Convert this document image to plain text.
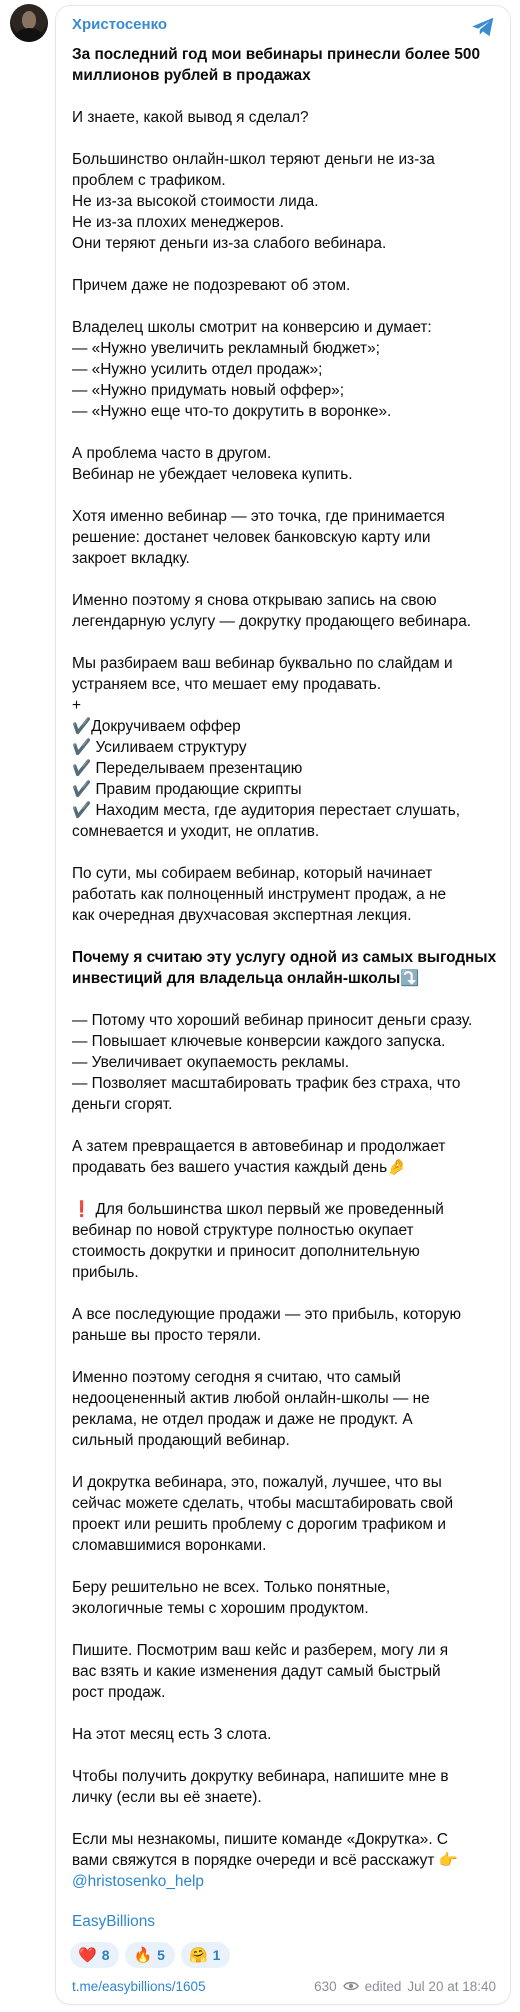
Христосенко

За последний год мои вебинары принесли более 500
миллионов рублей в продажах

И знаете, какой вывод я сделал?

Большинство онлайн-школ теряют деньги не из-за
проблем с трафиком.
Не из-за высокой стоимости лида.
Не из-за плохих менеджеров.
Они теряют деньги из-за слабого вебинара.

Причем даже не подозревают об этом.

Владелец школы смотрит на конверсию и думает:
— «Нужно увеличить рекламный бюджет»;
— «Нужно усилить отдел продаж»;
— «Нужно придумать новый оффер»;
— «Нужно еще что-то докрутить в воронке».

А проблема часто в другом.
Вебинар не убеждает человека купить.

Хотя именно вебинар — это точка, где принимается
решение: достанет человек банковскую карту или
закроет вкладку.

Именно поэтому я снова открываю запись на свою
легендарную услугу — докрутку продающего вебинара.

Мы разбираем ваш вебинар буквально по слайдам и
устраняем все, что мешает ему продавать.
+
✔️Докручиваем оффер
✔️ Усиливаем структуру
✔️ Переделываем презентацию
✔️ Правим продающие скрипты
✔️ Находим места, где аудитория перестает слушать,
сомневается и уходит, не оплатив.

По сути, мы собираем вебинар, который начинает
работать как полноценный инструмент продаж, а не
как очередная двухчасовая экспертная лекция.

Почему я считаю эту услугу одной из самых выгодных
инвестиций для владельца онлайн-школы⤵️

— Потому что хороший вебинар приносит деньги сразу.
— Повышает ключевые конверсии каждого запуска.
— Увеличивает окупаемость рекламы.
— Позволяет масштабировать трафик без страха, что
деньги сгорят.

А затем превращается в автовебинар и продолжает
продавать без вашего участия каждый день🤌

❗️ Для большинства школ первый же проведенный
вебинар по новой структуре полностью окупает
стоимость докрутки и приносит дополнительную
прибыль.

А все последующие продажи — это прибыль, которую
раньше вы просто теряли.

Именно поэтому сегодня я считаю, что самый
недооцененный актив любой онлайн-школы — не
реклама, не отдел продаж и даже не продукт. А
сильный продающий вебинар.

И докрутка вебинара, это, пожалуй, лучшее, что вы
сейчас можете сделать, чтобы масштабировать свой
проект или решить проблему с дорогим трафиком и
сломавшимися воронками.

Беру решительно не всех. Только понятные,
экологичные темы с хорошим продуктом.

Пишите. Посмотрим ваш кейс и разберем, могу ли я
вас взять и какие изменения дадут самый быстрый
рост продаж.

На этот месяц есть 3 слота.

Чтобы получить докрутку вебинара, напишите мне в
личку (если вы её знаете).

Если мы незнакомы, пишите команде «Докрутка». С
вами свяжутся в порядке очереди и всё расскажут 👉
@hristosenko_help

EasyBillions
❤️ 8 🔥 5 🤗 1
t.me/easybillions/1605	630 edited Jul 20 at 18:40
